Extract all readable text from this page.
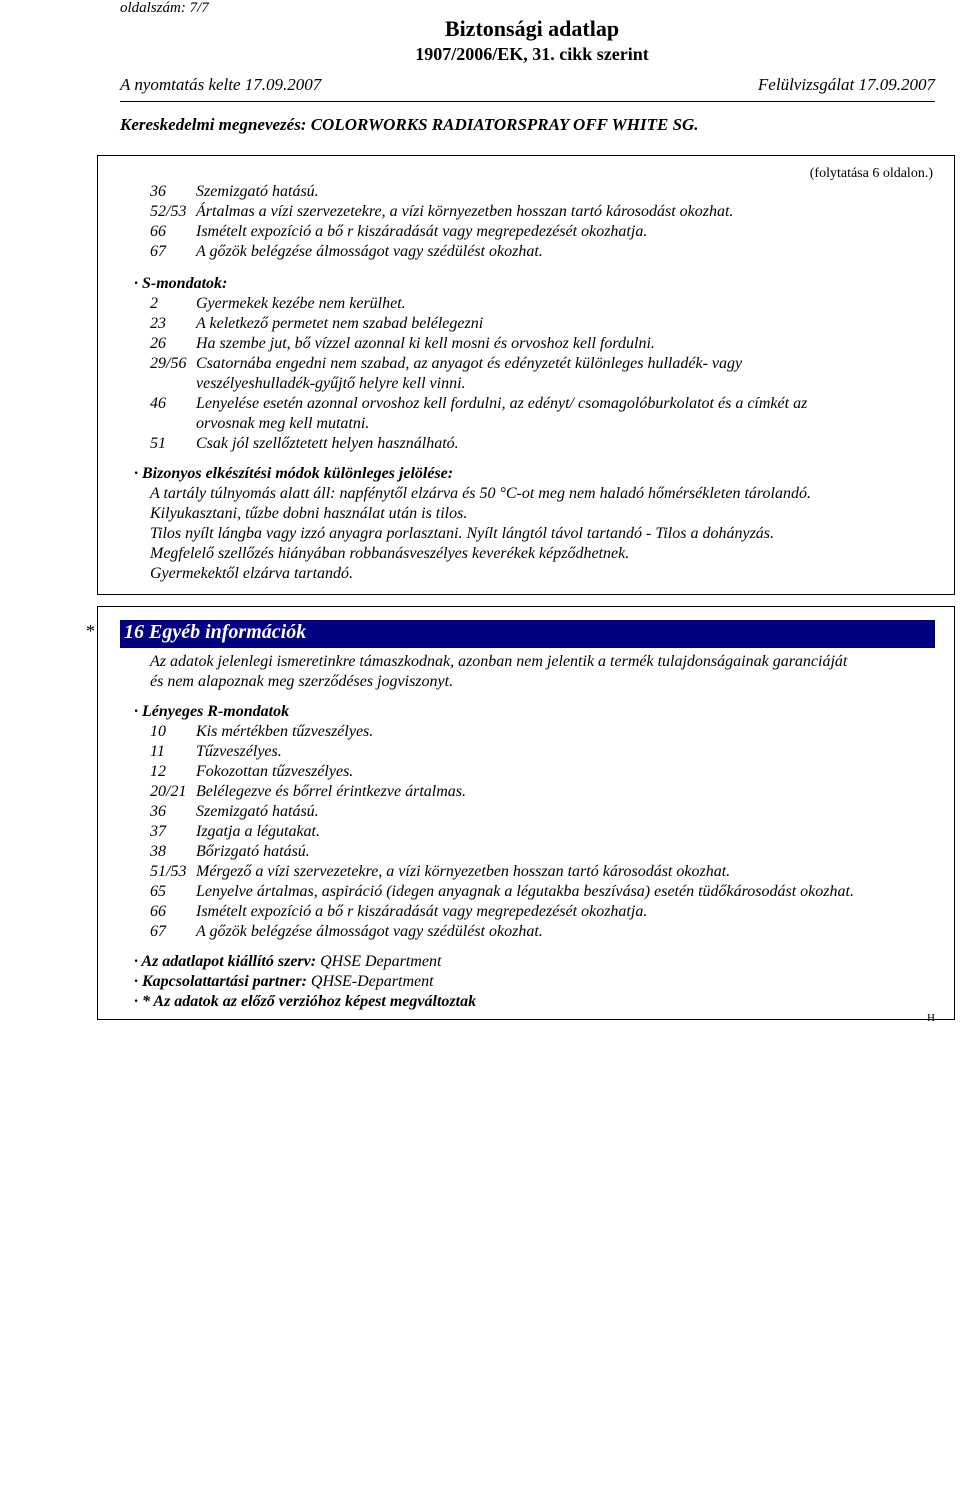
oldalszám: 7/7
Biztonsági adatlap
1907/2006/EK, 31. cikk szerint
A nyomtatás kelte 17.09.2007	Felülvizsgálat 17.09.2007
Kereskedelmi megnevezés: COLORWORKS RADIATORSPRAY OFF WHITE SG.
(folytatása 6 oldalon.)
36 Szemizgató hatású.
52/53 Ártalmas a vízi szervezetekre, a vízi környezetben hosszan tartó károsodást okozhat.
66 Ismételt expozíció a bő r kiszáradását vagy megrepedezését okozhatja.
67 A gőzök belégzése álmosságot vagy szédülést okozhat.
· S-mondatok:
2 Gyermekek kezébe nem kerülhet.
23 A keletkező permetet nem szabad belélegezni
26 Ha szembe jut, bő vízzel azonnal ki kell mosni és orvoshoz kell fordulni.
29/56 Csatornába engedni nem szabad, az anyagot és edényzetét különleges hulladék- vagy
veszélyeshulladék-gyűjtő helyre kell vinni.
46 Lenyelése esetén azonnal orvoshoz kell fordulni, az edényt/ csomagolóburkolatot és a címkét az
orvosnak meg kell mutatni.
51 Csak jól szellőztetett helyen használható.
· Bizonyos elkészítési módok különleges jelölése:
A tartály túlnyomás alatt áll: napfénytől elzárva és 50 °C-ot meg nem haladó hőmérsékleten tárolandó.
Kilyukasztani, tűzbe dobni használat után is tilos.
Tilos nyílt lángba vagy izzó anyagra porlasztani. Nyílt lángtól távol tartandó - Tilos a dohányzás.
Megfelelő szellőzés hiányában robbanásveszélyes keverékek képződhetnek.
Gyermekektől elzárva tartandó.
* 16 Egyéb információk
Az adatok jelenlegi ismeretinkre támaszkodnak, azonban nem jelentik a termék tulajdonságainak garanciáját
és nem alapoznak meg szerződéses jogviszonyt.
· Lényeges R-mondatok
10 Kis mértékben tűzveszélyes.
11 Tűzveszélyes.
12 Fokozottan tűzveszélyes.
20/21 Belélegezve és bőrrel érintkezve ártalmas.
36 Szemizgató hatású.
37 Izgatja a légutakat.
38 Bőrizgató hatású.
51/53 Mérgező a vízi szervezetekre, a vízi környezetben hosszan tartó károsodást okozhat.
65 Lenyelve ártalmas, aspiráció (idegen anyagnak a légutakba beszívása) esetén tüdőkárosodást okozhat.
66 Ismételt expozíció a bő r kiszáradását vagy megrepedezését okozhatja.
67 A gőzök belégzése álmosságot vagy szédülést okozhat.
· Az adatlapot kiállító szerv: QHSE Department
· Kapcsolattartási partner: QHSE-Department
· * Az adatok az előző verzióhoz képest megváltoztak
H
